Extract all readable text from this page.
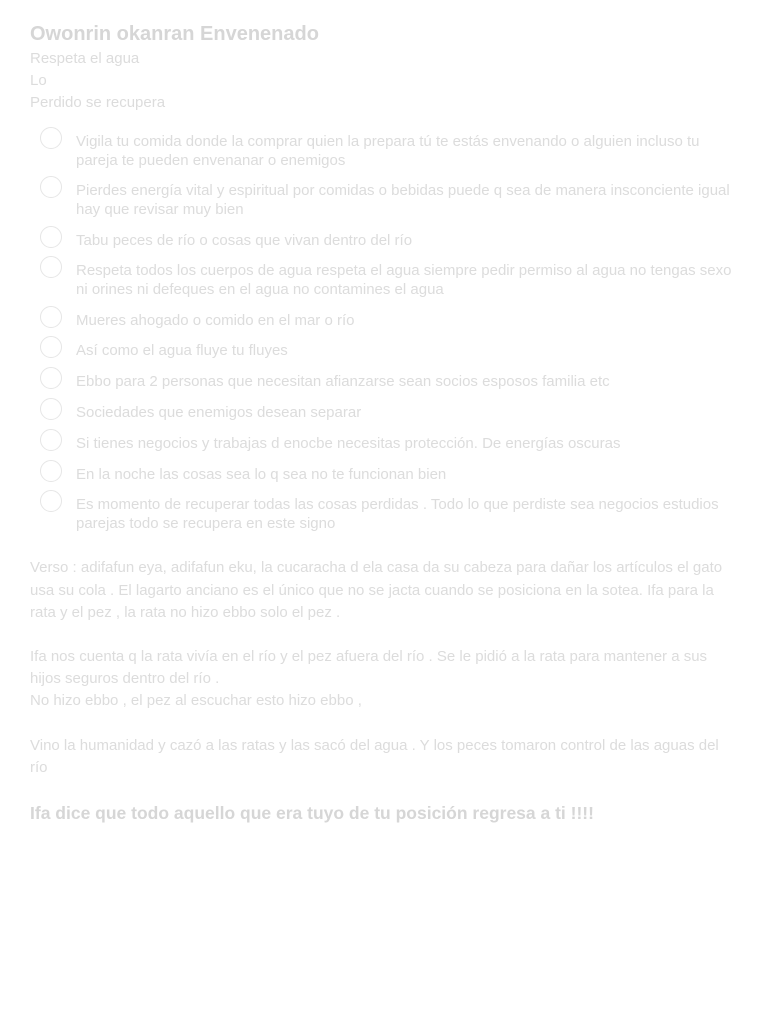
Owonrin okanran Envenenado
Respeta el agua
Lo
Perdido se recupera
Vigila tu comida donde la comprar quien la prepara tú te estás envenando o alguien incluso tu pareja te pueden envenanar o enemigos
Pierdes energía vital y espiritual por comidas o bebidas puede q sea de manera insconciente igual hay que revisar muy bien
Tabu peces de río o cosas que vivan dentro del río
Respeta todos los cuerpos de agua respeta el agua siempre pedir permiso al agua no tengas sexo ni orines ni defeques en el agua no contamines el agua
Mueres ahogado o comido en el mar o río
Así como el agua fluye tu fluyes
Ebbo para 2 personas que necesitan afianzarse sean socios esposos familia etc
Sociedades que enemigos desean separar
Si tienes negocios y trabajas d enocbe necesitas protección. De energías oscuras
En la noche las cosas sea lo q sea no te funcionan bien
Es momento de recuperar todas las cosas perdidas . Todo lo que perdiste sea negocios estudios parejas todo se recupera en este signo

Verso : adifafun eya, adifafun eku, la cucaracha d ela casa da su cabeza para dañar los artículos el gato usa su cola . El lagarto anciano es el único que no se jacta cuando se posiciona en la sotea. Ifa para la rata y el pez , la rata no hizo ebbo solo el pez .

Ifa nos cuenta q la rata vivía en el río y el pez afuera del río . Se le pidió a la rata para mantener a sus hijos seguros dentro del río .

No hizo ebbo , el pez al escuchar esto hizo ebbo ,

Vino la humanidad y cazó a las ratas y las sacó del agua . Y los peces tomaron control de las aguas del río

Ifa dice que todo aquello que era tuyo de tu posición regresa a ti !!!!
